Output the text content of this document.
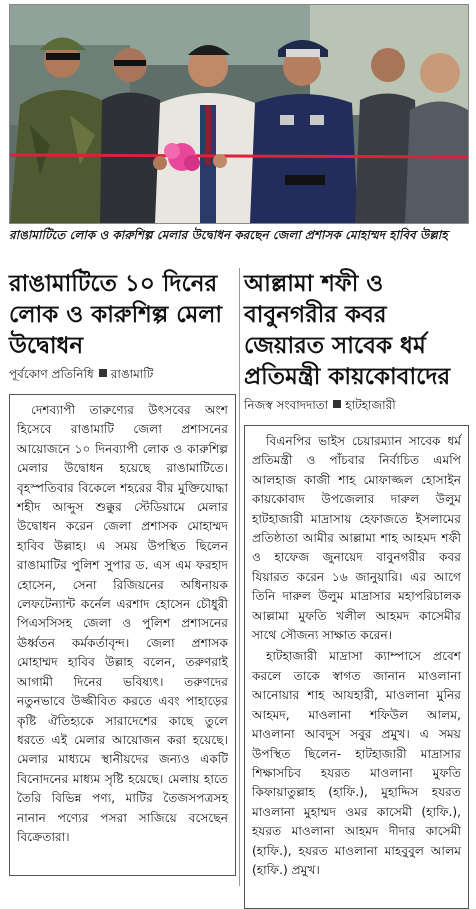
রাঙামাটিতে লোক ও কারুশিল্প মেলার উদ্বোধন করছেন জেলা প্রশাসক মোহাম্মদ হাবিব উল্লাহ
রাঙামাটিতে ১০ দিনের লোক ও কারুশিল্প মেলা উদ্বোধন
পূর্বকোণ প্রতিনিধি রাঙামাটি

দেশব্যাপী তারুণ্যের উৎসবের অংশ হিসেবে রাঙামাটি জেলা প্রশাসনের আয়োজনে ১০ দিনব্যাপী লোক ও কারুশিল্প মেলার উদ্বোধন হয়েছে রাঙামাটিতে। বৃহস্পতিবার বিকেলে শহরের বীর মুক্তিযোদ্ধা শহীদ আব্দুস শুক্কুর স্টেডিয়ামে মেলার উদ্বোধন করেন জেলা প্রশাসক মোহাম্মদ হাবিব উল্লাহ। এ সময় উপস্থিত ছিলেন রাঙামাটির পুলিশ সুপার ড. এস এম ফরহাদ হোসেন, সেনা রিজিয়নের অধিনায়ক লেফটেন্যান্ট কর্নেল এরশাদ হোসেন চৌধুরী পিএসসিসহ জেলা ও পুলিশ প্রশাসনের ঊর্ধ্বতন কর্মকর্তাবৃন্দ। জেলা প্রশাসক মোহাম্মদ হাবিব উল্লাহ বলেন, তরুণরাই আগামী দিনের ভবিষ্যৎ। তরুণদের নতুনভাবে উজ্জীবিত করতে এবং পাহাড়ের কৃষ্টি ঐতিহ্যকে সারাদেশের কাছে তুলে ধরতে এই মেলার আয়োজন করা হয়েছে। মেলার মাধ্যমে স্থানীয়দের জন্যও একটি বিনোদনের মাধ্যম সৃষ্টি হয়েছে। মেলায় হাতে তৈরি বিভিন্ন পণ্য, মাটির তৈজসপত্রসহ নানান পণ্যের পসরা সাজিয়ে বসেছেন বিক্রেতারা।

আল্লামা শফী ও বাবুনগরীর কবর জেয়ারত সাবেক ধর্ম প্রতিমন্ত্রী কায়কোবাদের
নিজস্ব সংবাদদাতা হাটহাজারী

বিএনপির ভাইস চেয়ারম্যান সাবেক ধর্ম প্রতিমন্ত্রী ও পাঁচবার নির্বাচিত এমপি আলহাজ কাজী শাহ মোফাজ্জল হোসাইন কায়কোবাদ উপজেলার দারুল উলুম হাটহাজারী মাদ্রাসায় হেফাজতে ইসলামের প্রতিষ্ঠাতা আমীর আল্লামা শাহ আহমদ শফী ও হাফেজ জুনায়েদ বাবুনগরীর কবর যিয়ারত করেন ১৬ জানুয়ারি। এর আগে তিনি দারুল উলুম মাদ্রাসার মহাপরিচালক আল্লামা মুফতি খলীল আহমদ কাসেমীর সাথে সৌজন্য সাক্ষাত করেন।

হাটহাজারী মাদ্রাসা ক্যাম্পাসে প্রবেশ করলে তাকে স্বাগত জানান মাওলানা আনোয়ার শাহ আযহারী, মাওলানা মুনির আহমদ, মাওলানা শফিউল আলম, মাওলানা আবদুস সবুর প্রমুখ। এ সময় উপস্থিত ছিলেন- হাটহাজারী মাদ্রাসার শিক্ষাসচিব হযরত মাওলানা মুফতি কিফায়াতুল্লাহ (হাফি.), মুহাদ্দিস হযরত মাওলানা মুহাম্মদ ওমর কাসেমী (হাফি.), হযরত মাওলানা আহমদ দীদার কাসেমী (হাফি.), হযরত মাওলানা মাহবুবুল আলম (হাফি.) প্রমুখ।
